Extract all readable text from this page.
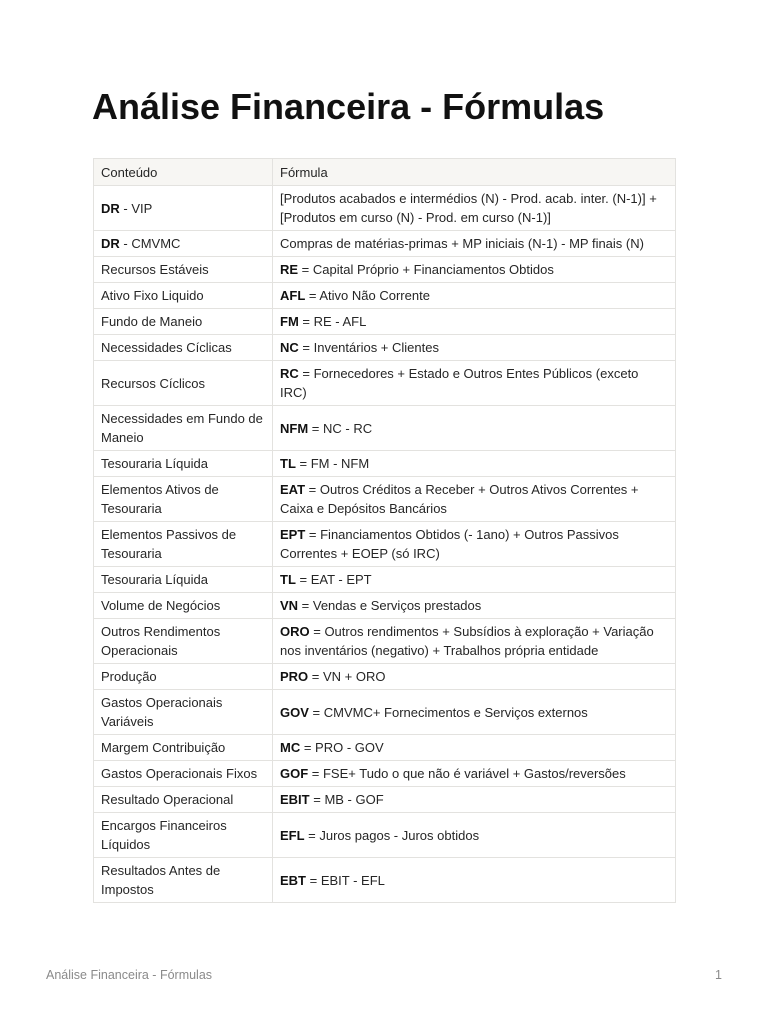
Análise Financeira - Fórmulas
Conteúdo	Fórmula
DR - VIP	[Produtos acabados e intermédios (N) - Prod. acab. inter. (N-1)] + [Produtos em curso (N) - Prod. em curso (N-1)]
DR - CMVMC	Compras de matérias-primas + MP iniciais (N-1) - MP finais (N)
Recursos Estáveis	RE = Capital Próprio + Financiamentos Obtidos
Ativo Fixo Liquido	AFL = Ativo Não Corrente
Fundo de Maneio	FM = RE - AFL
Necessidades Cíclicas	NC = Inventários + Clientes
Recursos Cíclicos	RC = Fornecedores + Estado e Outros Entes Públicos (exceto IRC)
Necessidades em Fundo de Maneio	NFM = NC - RC
Tesouraria Líquida	TL = FM - NFM
Elementos Ativos de Tesouraria	EAT = Outros Créditos a Receber + Outros Ativos Correntes + Caixa e Depósitos Bancários
Elementos Passivos de Tesouraria	EPT = Financiamentos Obtidos (- 1ano) + Outros Passivos Correntes + EOEP (só IRC)
Tesouraria Líquida	TL = EAT - EPT
Volume de Negócios	VN = Vendas e Serviços prestados
Outros Rendimentos Operacionais	ORO = Outros rendimentos + Subsídios à exploração + Variação nos inventários (negativo) + Trabalhos própria entidade
Produção	PRO = VN + ORO
Gastos Operacionais Variáveis	GOV = CMVMC+ Fornecimentos e Serviços externos
Margem Contribuição	MC = PRO - GOV
Gastos Operacionais Fixos	GOF = FSE+ Tudo o que não é variável + Gastos/reversões
Resultado Operacional	EBIT = MB - GOF
Encargos Financeiros Líquidos	EFL = Juros pagos - Juros obtidos
Resultados Antes de Impostos	EBT = EBIT - EFL
Análise Financeira - Fórmulas	1
